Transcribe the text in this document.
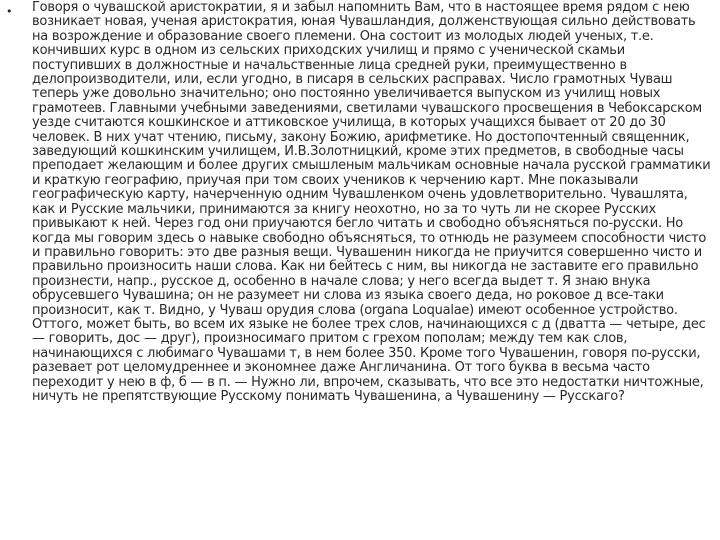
• Говоря о чувашской аристократии, я и забыл напомнить Вам, что в настоящее время рядом с нею возникает новая, ученая аристократия, юная Чувашландия, долженствующая сильно действовать на возрождение и образование своего племени. Она состоит из молодых людей ученых, т.е. кончивших курс в одном из сельских приходских училищ и прямо с ученической скамьи поступивших в должностные и начальственные лица средней руки, преимущественно в делопроизводители, или, если угодно, в писаря в сельских расправах. Число грамотных Чуваш теперь уже довольно значительно; оно постоянно увеличивается выпуском из училищ новых грамотеев. Главными учебными заведениями, светилами чувашского просвещения в Чебоксарском уезде считаются кошкинское и аттиковское училища, в которых учащихся бывает от 20 до 30 человек. В них учат чтению, письму, закону Божию, арифметике. Но достопочтенный священник, заведующий кошкинским училищем, И.В.Золотницкий, кроме этих предметов, в свободные часы преподает желающим и более других смышленым мальчикам основные начала русской грамматики и краткую географию, приучая при том своих учеников к черчению карт. Мне показывали географическую карту, начерченную одним Чувашленком очень удовлетворительно. Чувашлята, как и Русские мальчики, принимаются за книгу неохотно, но за то чуть ли не скорее Русских привыкают к ней. Через год они приучаются бегло читать и свободно объясняться по-русски. Но когда мы говорим здесь о навыке свободно объясняться, то отнюдь не разумеем способности чисто и правильно говорить: это две разныя вещи. Чувашенин никогда не приучится совершенно чисто и правильно произносить наши слова. Как ни бейтесь с ним, вы никогда не заставите его правильно произнести, напр., русское д, особенно в начале слова; у него всегда выдет т. Я знаю внука обрусевшего Чувашина; он не разумеет ни слова из языка своего деда, но роковое д все-таки произносит, как т. Видно, у Чуваш орудия слова (organa Loqualae) имеют особенное устройство. Оттого, может быть, во всем их языке не более трех слов, начинающихся с д (дватта — четыре, дес — говорить, дос — друг), произносимаго притом с грехом пополам; между тем как слов, начинающихся с любимаго Чувашами т, в нем более 350. Кроме того Чувашенин, говоря по-русски, разевает рот целомудреннее и экономнее даже Англичанина. От того буква в весьма часто переходит у нею в ф, б — в п. — Нужно ли, впрочем, сказывать, что все это недостатки ничтожные, ничуть не препятствующие Русскому понимать Чувашенина, а Чувашенину — Русскаго?
